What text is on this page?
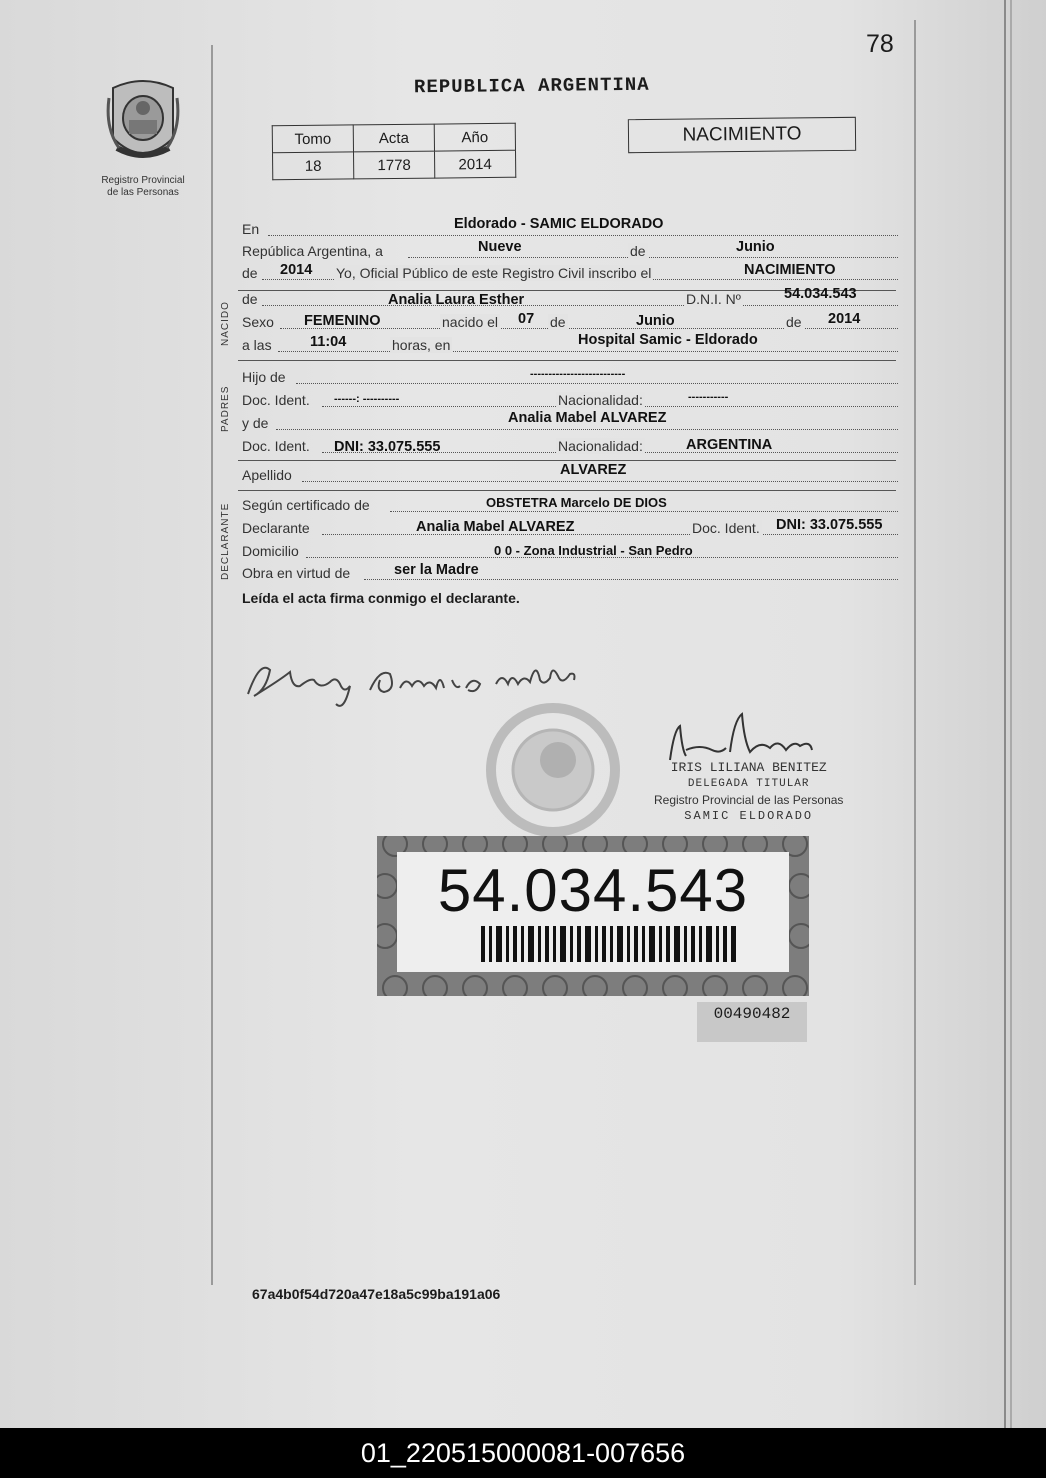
78
Registro Provincial
de las Personas
REPUBLICA ARGENTINA
Tomo	Acta	Año
18	1778	2014
NACIMIENTO
En	Eldorado - SAMIC ELDORADO
República Argentina, a	Nueve	de	Junio
de 2014 Yo, Oficial Público de este Registro Civil inscribo el	NACIMIENTO
NACIDO
de	Analia Laura Esther	D.N.I. Nº	54.034.543
Sexo FEMENINO	nacido el 07 de	Junio	de 2014
a las	11:04	horas, en	Hospital Samic - Eldorado
PADRES
Hijo de	--------------------------
Doc. Ident. ------: ----------	Nacionalidad:	-----------
y de	Analia Mabel ALVAREZ
Doc. Ident. DNI: 33.075.555	Nacionalidad:	ARGENTINA
Apellido	ALVAREZ
DECLARANTE Según certificado de	OBSTETRA Marcelo DE DIOS
Declarante	Analia Mabel ALVAREZ	Doc. Ident. DNI: 33.075.555
Domicilio	0 0 - Zona Industrial - San Pedro
Obra en virtud de	ser la Madre
Leída el acta firma conmigo el declarante.
IRIS LILIANA BENITEZ
DELEGADA TITULAR
Registro Provincial de las Personas
SAMIC ELDORADO
54.034.543
00490482
67a4b0f54d720a47e18a5c99ba191a06
01_220515000081-007656
